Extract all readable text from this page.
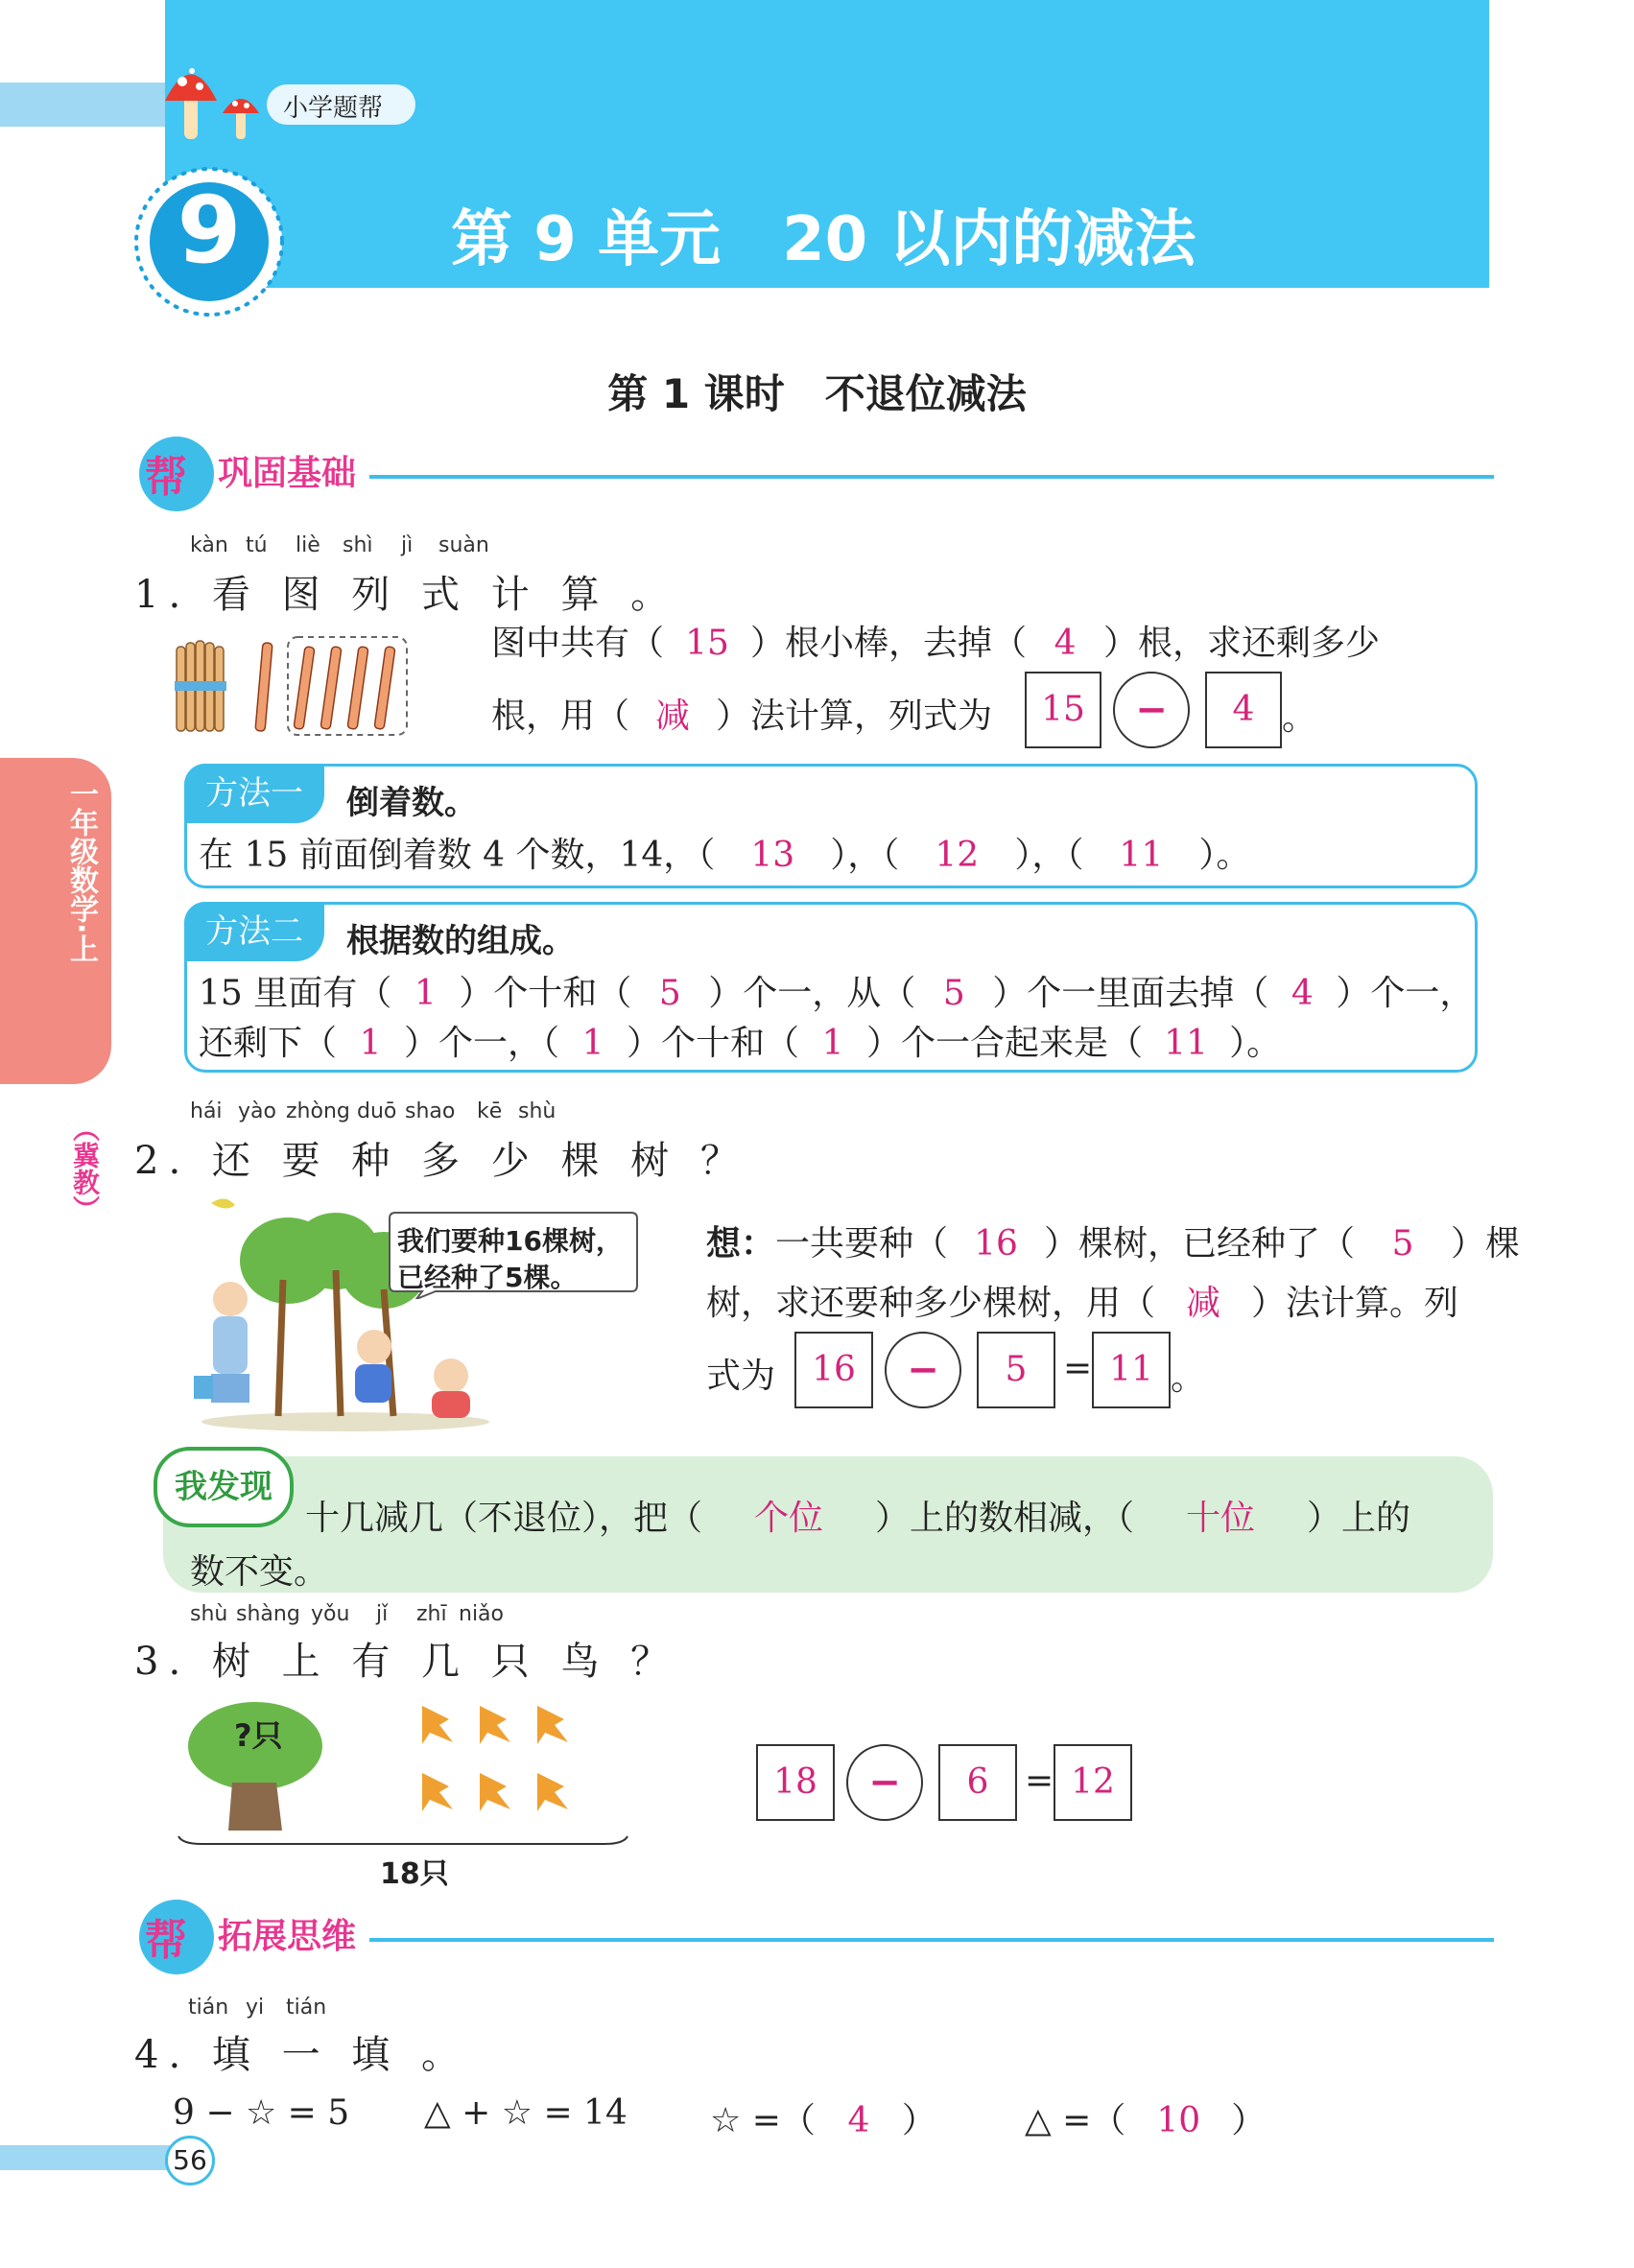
小学题帮
9	第 9 单元　20 以内的减法
一年级数学·上
（冀教）
第 1 课时　不退位减法
帮 巩固基础
kàn tú liè shì jì suàn
1. 看 图 列 式 计 算 。
图中共有（ 15 ）根小棒，去掉（ 4 ）根，求还剩多少
根，用（ 减 ）法计算，列式为	15	−	4 。
方法一	倒着数。
在 15 前面倒着数 4 个数，14，（ 13 ），（ 12 ），（ 11 ）。
方法二	根据数的组成。
15 里面有（ 1 ）个十和（ 5 ）个一，从（ 5 ）个一里面去掉（ 4 ）个一，
还剩下（ 1 ）个一，（ 1 ）个十和（ 1 ）个一合起来是（ 11 ）。
hái yào zhòng duō shao kē shù
2. 还 要 种 多 少 棵 树 ？
我们要种16棵树，
已经种了5棵。
想：一共要种（ 16 ）棵树，已经种了（ 5 ）棵
树，求还要种多少棵树，用（ 减 ）法计算。列
式为	16	−	5	= 11 。
我发现
十几减几（不退位），把（ 个位 ）上的数相减，（ 十位 ）上的
数不变。
shù shàng yǒu jǐ zhī niǎo
3. 树 上 有 几 只 鸟 ？
?只
18只
18	−	6	= 12
帮 拓展思维
tián yi tián
4. 填 一 填 。
9 − ☆ = 5 △ + ☆ = 14 ☆ =（ 4 ）	△ =（ 10 ）
56
